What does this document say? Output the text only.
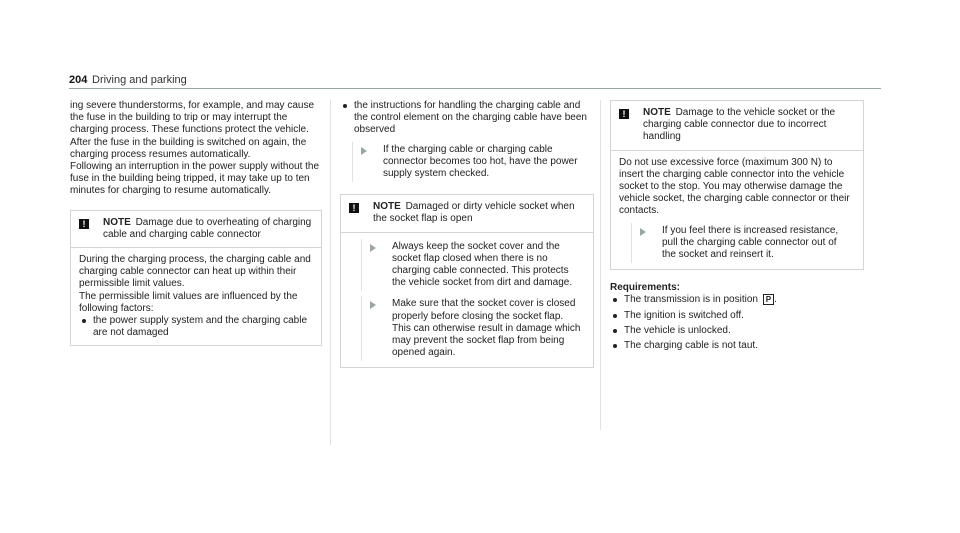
204 Driving and parking

ing severe thunderstorms, for example, and may cause the fuse in the building to trip or may interrupt the charging process. These functions protect the vehicle.

After the fuse in the building is switched on again, the charging process resumes automatically.

Following an interruption in the power supply without the fuse in the building being tripped, it may take up to ten minutes for charging to resume automatically.

!	NOTE Damage due to overheating of charging cable and charging cable connector

During the charging process, the charging cable and charging cable connector can heat up within their permissible limit values.

The permissible limit values are influenced by the following factors:

the power supply system and the charging cable are not damaged
the instructions for handling the charging cable and the control element on the charging cable have been observed
If the charging cable or charging cable connector becomes too hot, have the power supply system checked.
!	NOTE Damaged or dirty vehicle socket when the socket flap is open
Always keep the socket cover and the socket flap closed when there is no charging cable connected. This protects the vehicle socket from dirt and damage.
Make sure that the socket cover is closed properly before closing the socket flap. This can otherwise result in damage which may prevent the socket flap from being opened again.
!	NOTE Damage to the vehicle socket or the charging cable connector due to incorrect handling

Do not use excessive force (maximum 300 N) to insert the charging cable connector into the vehicle socket to the stop. You may otherwise damage the vehicle socket, the charging cable connector or their contacts.

If you feel there is increased resistance, pull the charging cable connector out of the socket and reinsert it.
Requirements:
The transmission is in position P .
The ignition is switched off.
The vehicle is unlocked.
The charging cable is not taut.
